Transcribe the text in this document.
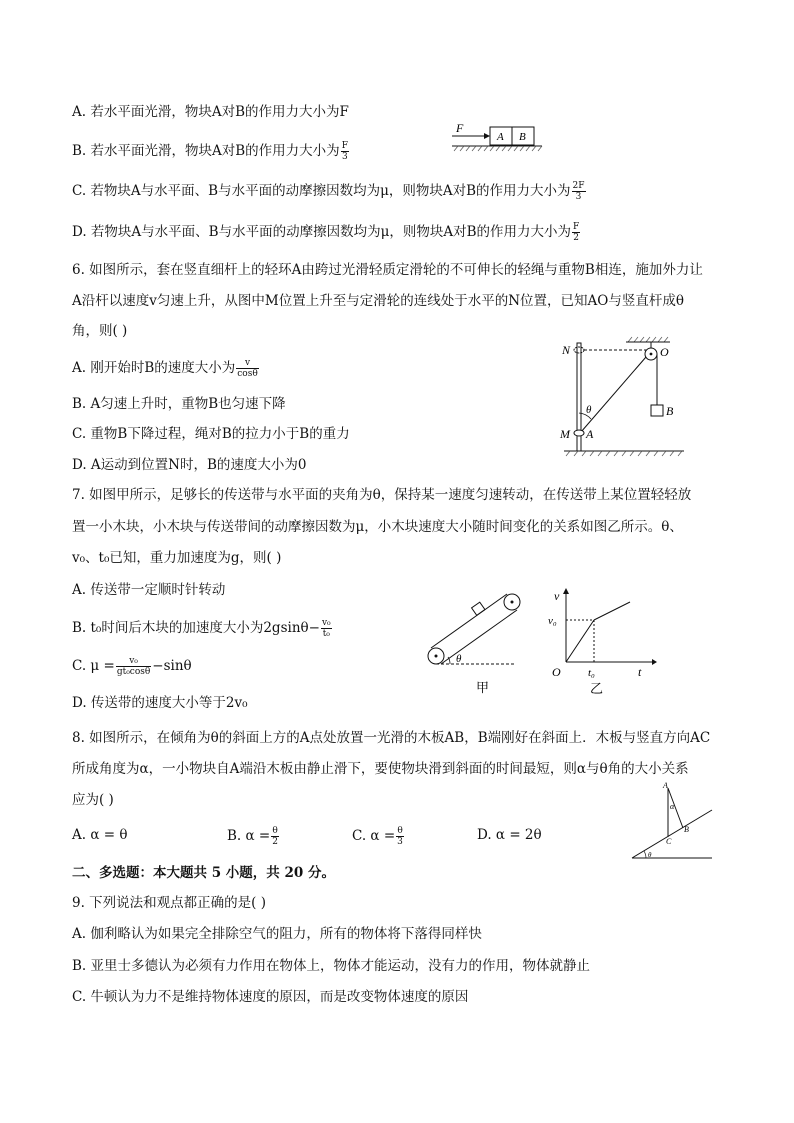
A. 若水平面光滑，物块A对B的作用力大小为F
B. 若水平面光滑，物块A对B的作用力大小为 $\frac{F}{3}$
C. 若物块A与水平面、B与水平面的动摩擦因数均为μ，则物块A对B的作用力大小为 $\frac{2F}{3}$
D. 若物块A与水平面、B与水平面的动摩擦因数均为μ，则物块A对B的作用力大小为 $\frac{F}{2}$
F
A B
6. 如图所示，套在竖直细杆上的轻环A由跨过光滑轻质定滑轮的不可伸长的轻绳与重物B相连，施加外力让
A沿杆以速度v匀速上升，从图中M位置上升至与定滑轮的连线处于水平的N位置，已知AO与竖直杆成θ
角，则( )
A. 刚开始时B的速度大小为 $\frac{v}{\cos\theta}$
B. A匀速上升时，重物B也匀速下降
C. 重物B下降过程，绳对B的拉力小于B的重力
D. A运动到位置N时，B的速度大小为0
N	O
B
M A
θ
7. 如图甲所示，足够长的传送带与水平面的夹角为θ，保持某一速度匀速转动，在传送带上某位置轻轻放
置一小木块，小木块与传送带间的动摩擦因数为μ，小木块速度大小随时间变化的关系如图乙所示。θ、
v₀、t₀已知，重力加速度为g，则( )
A. 传送带一定顺时针转动
B. t₀时间后木块的加速度大小为$2gsin\theta- \frac{\text{v₀}}{\text{t₀}}$
C. $\mu = \frac{\text{v₀}}{\text{gt₀cosθ}} -\sin\theta$
D. 传送带的速度大小等于2v₀
θ
甲
v
v₀
O t₀	t
乙
8. 如图所示，在倾角为θ的斜面上方的A点处放置一光滑的木板AB，B端刚好在斜面上．木板与竖直方向AC
所成角度为α，一小物块自A端沿木板由静止滑下，要使物块滑到斜面的时间最短，则α与θ角的大小关系
应为( )
A. α = θ	B. $\alpha = \frac{\theta}{2}$	C. $\alpha = \frac{\theta}{3}$	D. α = 2θ
A
α
B
C
θ
二、多选题：本大题共 5 小题，共 20 分。
9. 下列说法和观点都正确的是( )
A. 伽利略认为如果完全排除空气的阻力，所有的物体将下落得同样快
B. 亚里士多德认为必须有力作用在物体上，物体才能运动，没有力的作用，物体就静止
C. 牛顿认为力不是维持物体速度的原因，而是改变物体速度的原因
